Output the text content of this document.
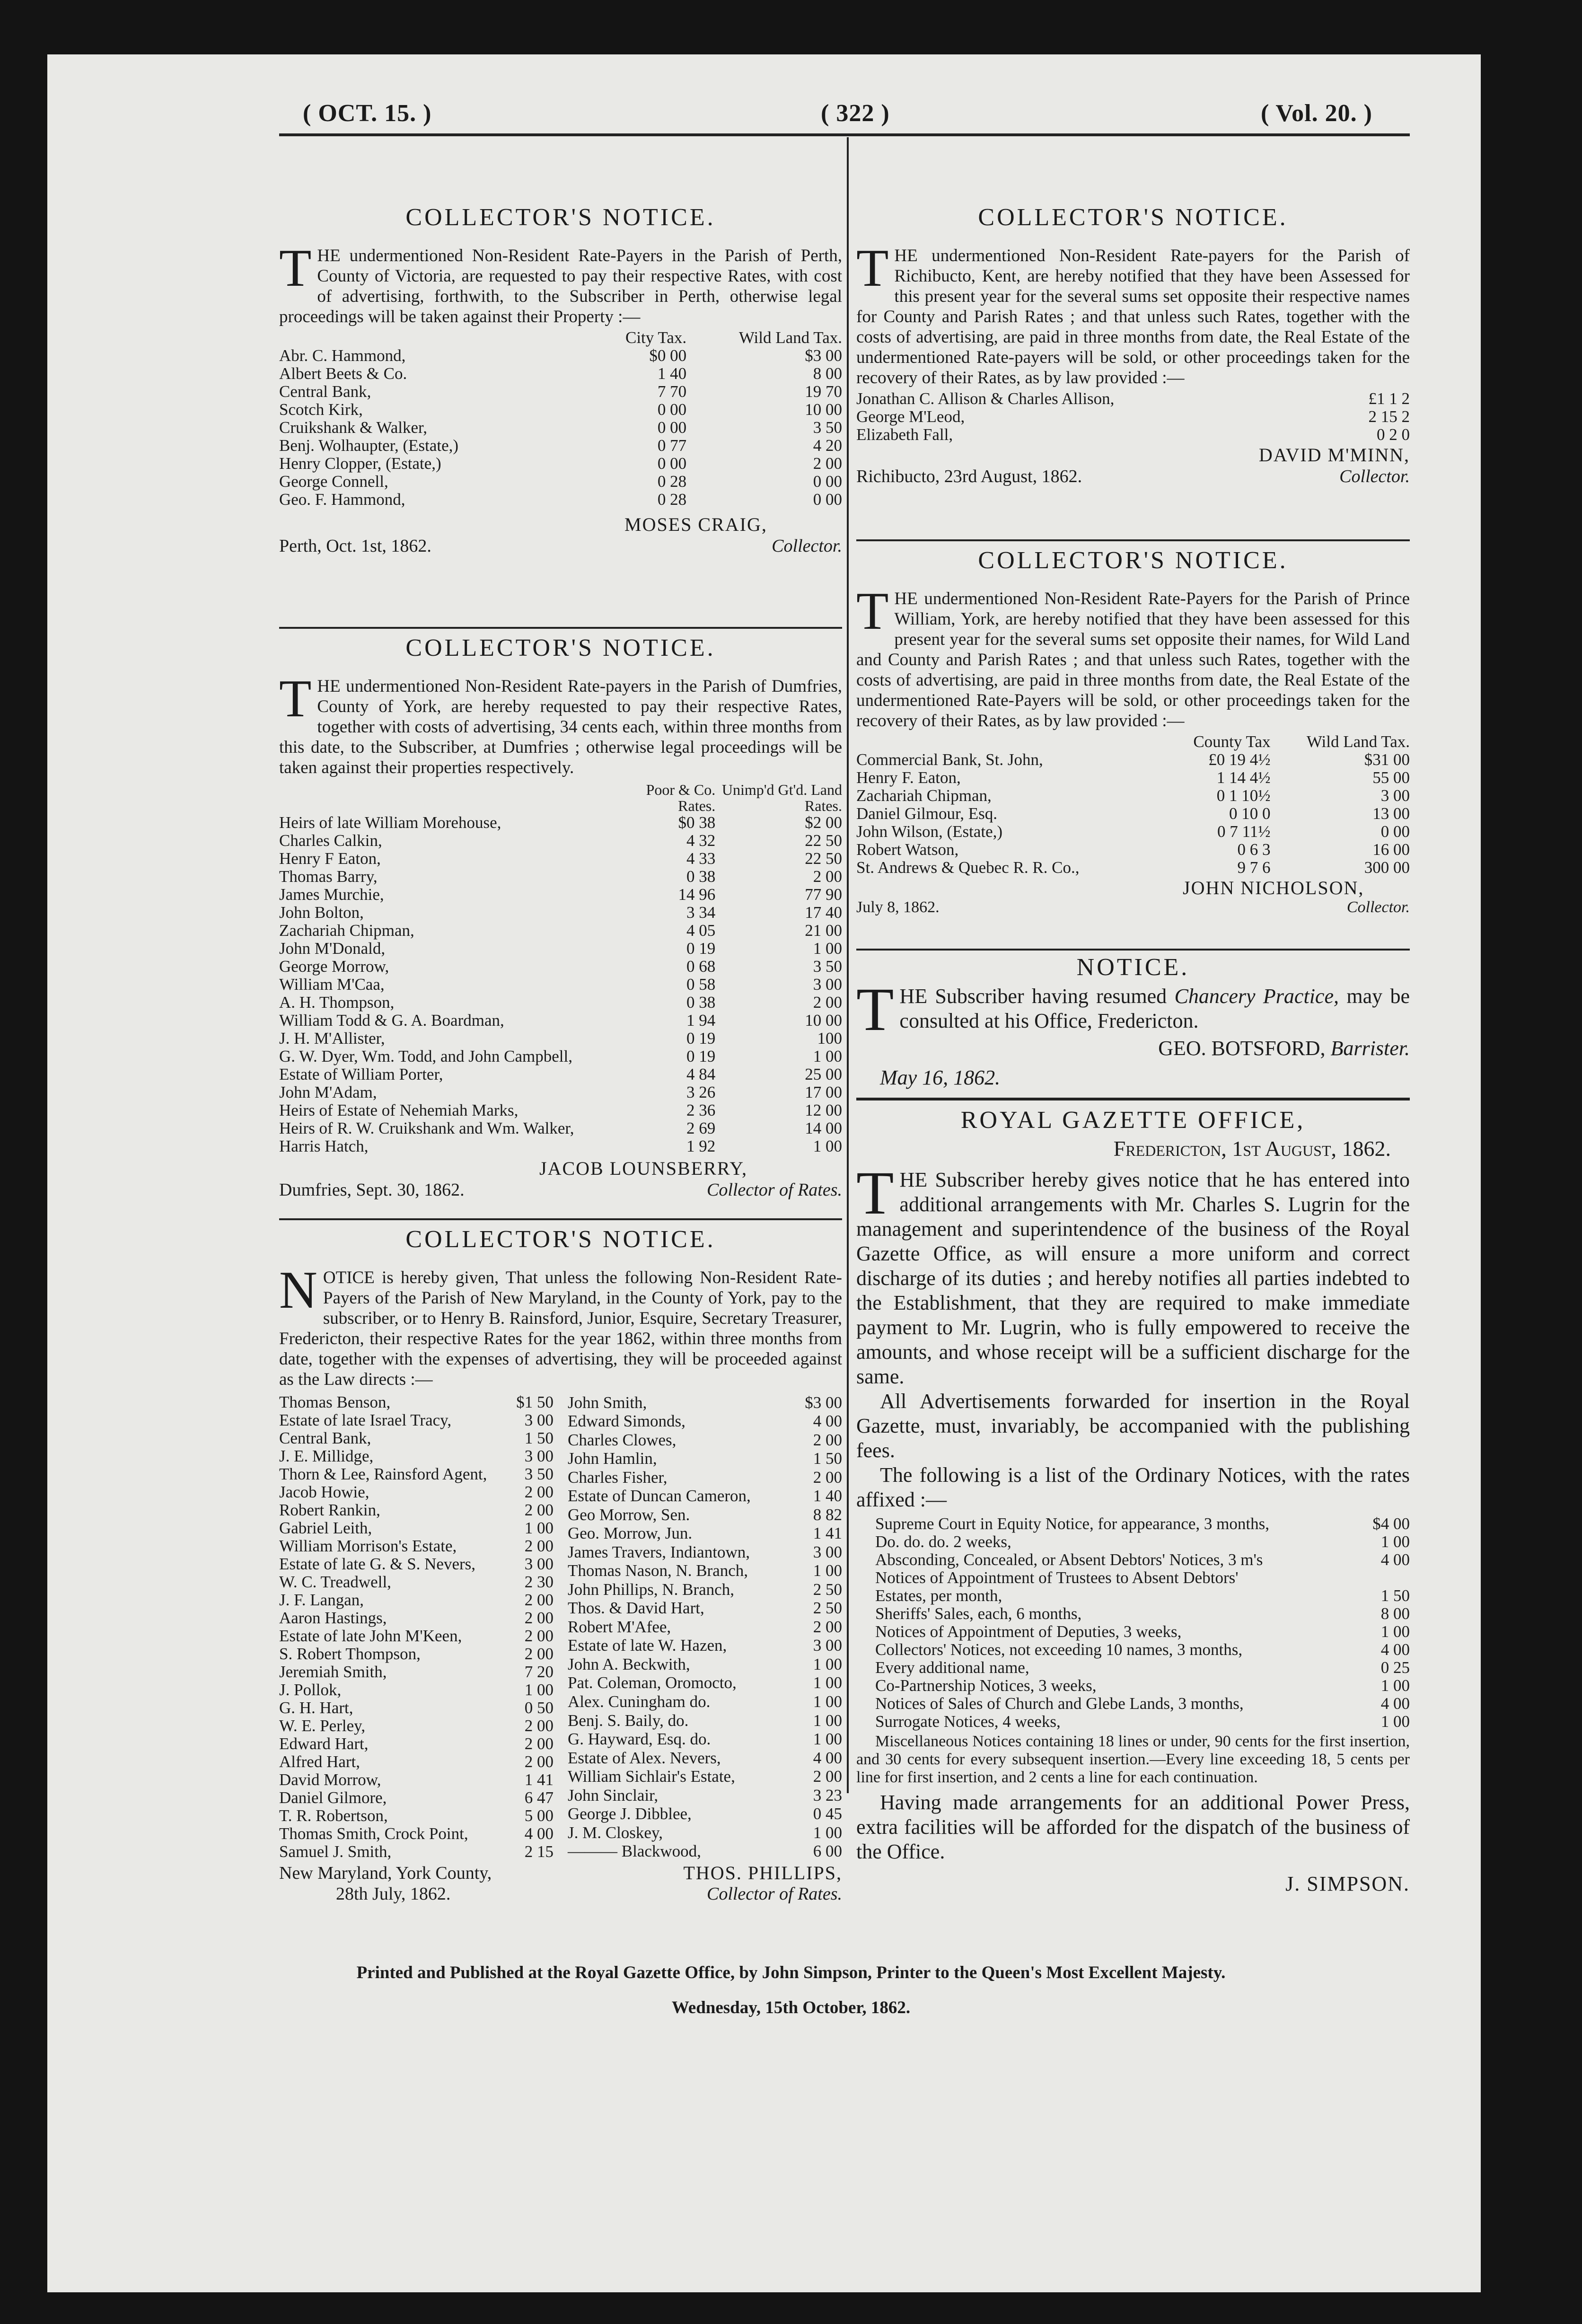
( OCT. 15. )	( 322 )	( Vol. 20. )
COLLECTOR'S NOTICE.

THE undermentioned Non-Resident Rate-Payers in the Parish of Perth, County of Victoria, are requested to pay their respective Rates, with cost of advertising, forthwith, to the Subscriber in Perth, otherwise legal proceedings will be taken against their Property :—

	City Tax.	Wild Land Tax.
Abr. C. Hammond,	$0 00	$3 00
Albert Beets & Co.	1 40	8 00
Central Bank,	7 70	19 70
Scotch Kirk,	0 00	10 00
Cruikshank & Walker,	0 00	3 50
Benj. Wolhaupter, (Estate,)	0 77	4 20
Henry Clopper, (Estate,)	0 00	2 00
George Connell,	0 28	0 00
Geo. F. Hammond,	0 28	0 00
MOSES CRAIG,
Perth, Oct. 1st, 1862.	Collector.
COLLECTOR'S NOTICE.

THE undermentioned Non-Resident Rate-payers in the Parish of Dumfries, County of York, are hereby requested to pay their respective Rates, together with costs of advertising, 34 cents each, within three months from this date, to the Subscriber, at Dumfries ; otherwise legal proceedings will be taken against their properties respectively.

	Poor & Co. Rates.	Unimp'd Gt'd. Land Rates.
Heirs of late William Morehouse,	$0 38	$2 00
Charles Calkin,	4 32	22 50
Henry F Eaton,	4 33	22 50
Thomas Barry,	0 38	2 00
James Murchie,	14 96	77 90
John Bolton,	3 34	17 40
Zachariah Chipman,	4 05	21 00
John M'Donald,	0 19	1 00
George Morrow,	0 68	3 50
William M'Caa,	0 58	3 00
A. H. Thompson,	0 38	2 00
William Todd & G. A. Boardman,	1 94	10 00
J. H. M'Allister,	0 19	100
G. W. Dyer, Wm. Todd, and John Campbell,	0 19	1 00
Estate of William Porter,	4 84	25 00
John M'Adam,	3 26	17 00
Heirs of Estate of Nehemiah Marks,	2 36	12 00
Heirs of R. W. Cruikshank and Wm. Walker,	2 69	14 00
Harris Hatch,	1 92	1 00
JACOB LOUNSBERRY,
Dumfries, Sept. 30, 1862.	Collector of Rates.
COLLECTOR'S NOTICE.

NOTICE is hereby given, That unless the following Non-Resident Rate-Payers of the Parish of New Maryland, in the County of York, pay to the subscriber, or to Henry B. Rainsford, Junior, Esquire, Secretary Treasurer, Fredericton, their respective Rates for the year 1862, within three months from date, together with the expenses of advertising, they will be proceeded against as the Law directs :—

Thomas Benson,	$1 50
Estate of late Israel Tracy,	3 00
Central Bank,	1 50
J. E. Millidge,	3 00
Thorn & Lee, Rainsford Agent,	3 50
Jacob Howie,	2 00
Robert Rankin,	2 00
Gabriel Leith,	1 00
William Morrison's Estate,	2 00
Estate of late G. & S. Nevers,	3 00
W. C. Treadwell,	2 30
J. F. Langan,	2 00
Aaron Hastings,	2 00
Estate of late John M'Keen,	2 00
S. Robert Thompson,	2 00
Jeremiah Smith,	7 20
J. Pollok,	1 00
G. H. Hart,	0 50
W. E. Perley,	2 00
Edward Hart,	2 00
Alfred Hart,	2 00
David Morrow,	1 41
Daniel Gilmore,	6 47
T. R. Robertson,	5 00
Thomas Smith, Crock Point,	4 00
Samuel J. Smith,	2 15
John Smith,	$3 00
Edward Simonds,	4 00
Charles Clowes,	2 00
John Hamlin,	1 50
Charles Fisher,	2 00
Estate of Duncan Cameron,	1 40
Geo Morrow, Sen.	8 82
Geo. Morrow, Jun.	1 41
James Travers, Indiantown,	3 00
Thomas Nason, N. Branch,	1 00
John Phillips, N. Branch,	2 50
Thos. & David Hart,	2 50
Robert M'Afee,	2 00
Estate of late W. Hazen,	3 00
John A. Beckwith,	1 00
Pat. Coleman, Oromocto,	1 00
Alex. Cuningham do.	1 00
Benj. S. Baily, do.	1 00
G. Hayward, Esq. do.	1 00
Estate of Alex. Nevers,	4 00
William Sichlair's Estate,	2 00
John Sinclair,	3 23
George J. Dibblee,	0 45
J. M. Closkey,	1 00
——— Blackwood,	6 00
New Maryland, York County,	THOS. PHILLIPS,
28th July, 1862.	Collector of Rates.
COLLECTOR'S NOTICE.

THE undermentioned Non-Resident Rate-payers for the Parish of Richibucto, Kent, are hereby notified that they have been Assessed for this present year for the several sums set opposite their respective names for County and Parish Rates ; and that unless such Rates, together with the costs of advertising, are paid in three months from date, the Real Estate of the undermentioned Rate-payers will be sold, or other proceedings taken for the recovery of their Rates, as by law provided :—

Jonathan C. Allison & Charles Allison,	£1 1 2
George M'Leod,	2 15 2
Elizabeth Fall,	0 2 0
DAVID M'MINN,
Richibucto, 23rd August, 1862.	Collector.
COLLECTOR'S NOTICE.

THE undermentioned Non-Resident Rate-Payers for the Parish of Prince William, York, are hereby notified that they have been assessed for this present year for the several sums set opposite their names, for Wild Land and County and Parish Rates ; and that unless such Rates, together with the costs of advertising, are paid in three months from date, the Real Estate of the undermentioned Rate-Payers will be sold, or other proceedings taken for the recovery of their Rates, as by law provided :—

	County Tax	Wild Land Tax.
Commercial Bank, St. John,	£0 19 4½	$31 00
Henry F. Eaton,	1 14 4½	55 00
Zachariah Chipman,	0 1 10½	3 00
Daniel Gilmour, Esq.	0 10 0	13 00
John Wilson, (Estate,)	0 7 11½	0 00
Robert Watson,	0 6 3	16 00
St. Andrews & Quebec R. R. Co.,	9 7 6	300 00
JOHN NICHOLSON,
July 8, 1862.	Collector.
NOTICE.

THE Subscriber having resumed Chancery Practice, may be consulted at his Office, Fredericton.

GEO. BOTSFORD, Barrister.
May 16, 1862.
ROYAL GAZETTE OFFICE,
Fredericton, 1st August, 1862.

THE Subscriber hereby gives notice that he has entered into additional arrangements with Mr. Charles S. Lugrin for the management and superintendence of the business of the Royal Gazette Office, as will ensure a more uniform and correct discharge of its duties ; and hereby notifies all parties indebted to the Establishment, that they are required to make immediate payment to Mr. Lugrin, who is fully empowered to receive the amounts, and whose receipt will be a sufficient discharge for the same.

All Advertisements forwarded for insertion in the Royal Gazette, must, invariably, be accompanied with the publishing fees.

The following is a list of the Ordinary Notices, with the rates affixed :—

Supreme Court in Equity Notice, for appearance, 3 months,	$4 00
Do. do. do. 2 weeks,	1 00
Absconding, Concealed, or Absent Debtors' Notices, 3 m's	4 00
Notices of Appointment of Trustees to Absent Debtors'	
Estates, per month,	1 50
Sheriffs' Sales, each, 6 months,	8 00
Notices of Appointment of Deputies, 3 weeks,	1 00
Collectors' Notices, not exceeding 10 names, 3 months,	4 00
Every additional name,	0 25
Co-Partnership Notices, 3 weeks,	1 00
Notices of Sales of Church and Glebe Lands, 3 months,	4 00
Surrogate Notices, 4 weeks,	1 00

Miscellaneous Notices containing 18 lines or under, 90 cents for the first insertion, and 30 cents for every subsequent insertion.—Every line exceeding 18, 5 cents per line for first insertion, and 2 cents a line for each continuation.

Having made arrangements for an additional Power Press, extra facilities will be afforded for the dispatch of the business of the Office.

J. SIMPSON.
Printed and Published at the Royal Gazette Office, by John Simpson, Printer to the Queen's Most Excellent Majesty.
Wednesday, 15th October, 1862.
